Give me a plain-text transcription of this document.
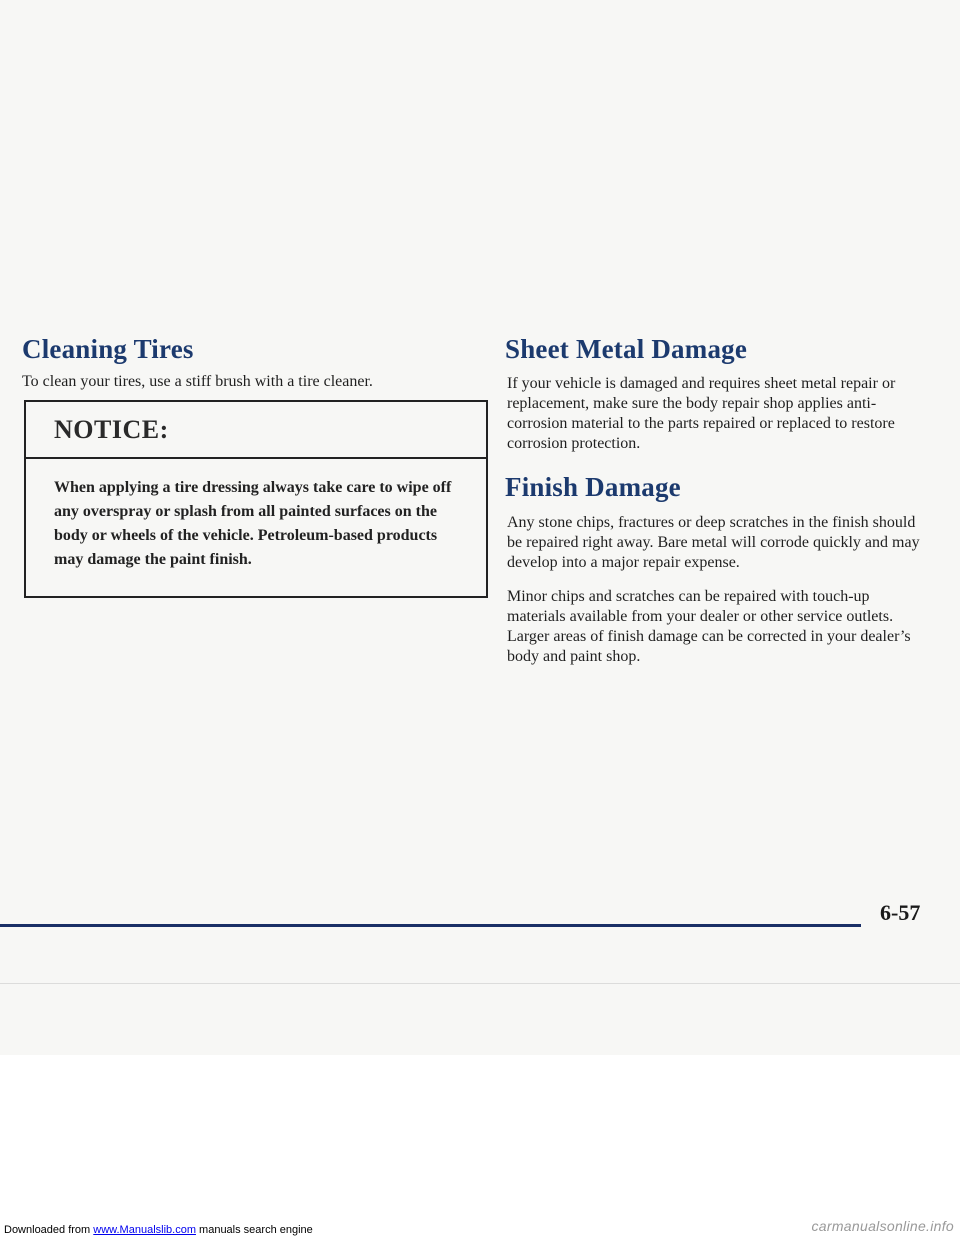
Cleaning Tires

To clean your tires, use a stiff brush with a tire cleaner.

NOTICE:
When applying a tire dressing always take care to wipe off any overspray or splash from all painted surfaces on the body or wheels of the vehicle. Petroleum-based products may damage the paint finish.
Sheet Metal Damage

If your vehicle is damaged and requires sheet metal repair or replacement, make sure the body repair shop applies anti-corrosion material to the parts repaired or replaced to restore corrosion protection.

Finish Damage

Any stone chips, fractures or deep scratches in the finish should be repaired right away. Bare metal will corrode quickly and may develop into a major repair expense.

Minor chips and scratches can be repaired with touch-up materials available from your dealer or other service outlets. Larger areas of finish damage can be corrected in your dealer’s body and paint shop.

6-57
Downloaded from www.Manualslib.com manuals search engine	carmanualsonline.info
